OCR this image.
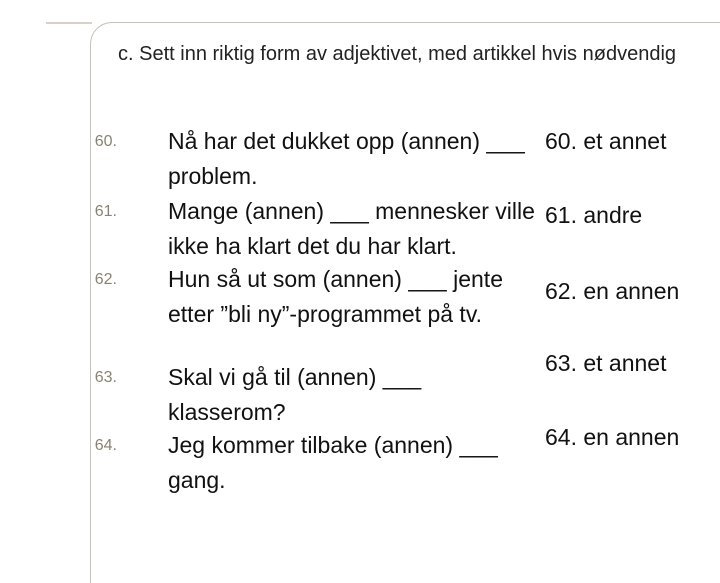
c. Sett inn riktig form av adjektivet, med artikkel hvis nødvendig
60. Nå har det dukket opp (annen) ___ problem.
61. Mange (annen) ___ mennesker ville ikke ha klart det du har klart.
62. Hun så ut som (annen) ___ jente etter ”bli ny”-programmet på tv.
63. Skal vi gå til (annen) ___ klasserom?
64. Jeg kommer tilbake (annen) ___ gang.
60. et annet
61. andre
62. en annen
63. et annet
64. en annen
